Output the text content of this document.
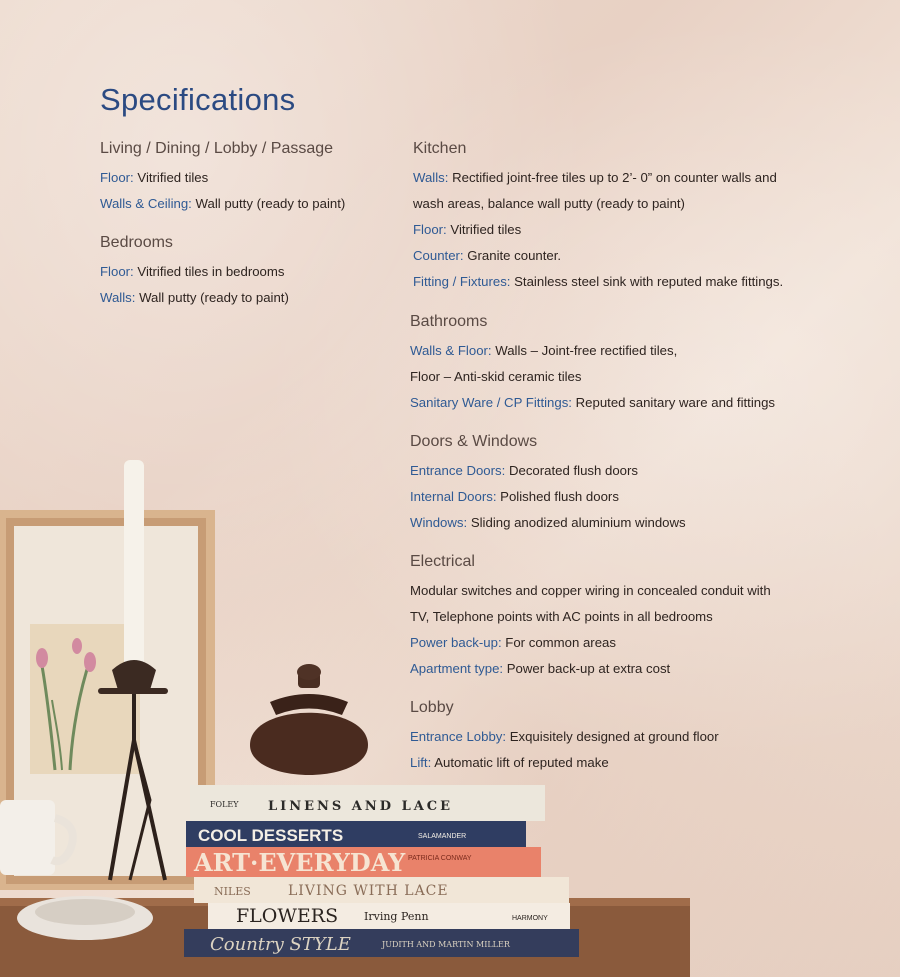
Specifications
Living / Dining / Lobby / Passage
Floor: Vitrified tiles
Walls & Ceiling: Wall putty (ready to paint)
Bedrooms
Floor: Vitrified tiles in bedrooms
Walls: Wall putty (ready to paint)
Kitchen
Walls: Rectified joint-free tiles up to 2’- 0” on counter walls and
wash areas, balance wall putty (ready to paint)
Floor: Vitrified tiles
Counter: Granite counter.
Fitting / Fixtures: Stainless steel sink with reputed make fittings.
Bathrooms
Walls & Floor: Walls – Joint-free rectified tiles,
Floor – Anti-skid ceramic tiles
Sanitary Ware / CP Fittings: Reputed sanitary ware and fittings
Doors & Windows
Entrance Doors: Decorated flush doors
Internal Doors: Polished flush doors
Windows: Sliding anodized aluminium windows
Electrical
Modular switches and copper wiring in concealed conduit with
TV, Telephone points with AC points in all bedrooms
Power back-up: For common areas
Apartment type: Power back-up at extra cost
Lobby
Entrance Lobby: Exquisitely designed at ground floor
Lift: Automatic lift of reputed make
LINENS AND LACE
FOLEY
COOL DESSERTS	SALAMANDER
ART·EVERYDAY PATRICIA CONWAY
LIVING WITH LACE
NILES
FLOWERS Irving Penn	HARMONY
Country STYLE	JUDITH AND MARTIN MILLER
